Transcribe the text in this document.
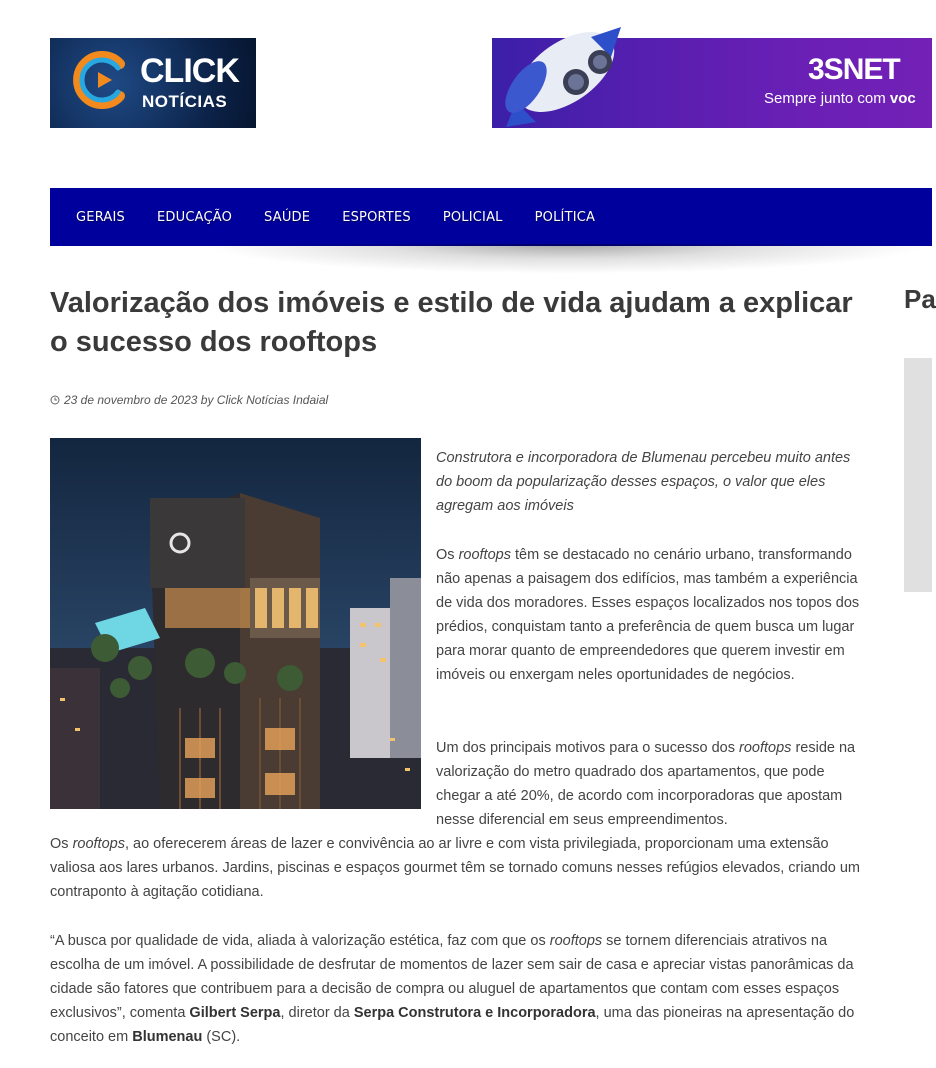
CLICK
NOTÍCIAS
3SNET
Sempre junto com voc
GERAIS	EDUCAÇÃO	SAÚDE	ESPORTES	POLICIAL	POLÍTICA
Valorização dos imóveis e estilo de vida ajudam a explicar o sucesso dos rooftops
23 de novembro de 2023 by Click Notícias Indaial

Construtora e incorporadora de Blumenau percebeu muito antes do boom da popularização desses espaços, o valor que eles agregam aos imóveis

Os rooftops têm se destacado no cenário urbano, transformando não apenas a paisagem dos edifícios, mas também a experiência de vida dos moradores. Esses espaços localizados nos topos dos prédios, conquistam tanto a preferência de quem busca um lugar para morar quanto de empreendedores que querem investir em imóveis ou enxergam neles oportunidades de negócios.

Um dos principais motivos para o sucesso dos rooftops reside na valorização do metro quadrado dos apartamentos, que pode chegar a até 20%, de acordo com incorporadoras que apostam nesse diferencial em seus empreendimentos.

Os rooftops, ao oferecerem áreas de lazer e convivência ao ar livre e com vista privilegiada, proporcionam uma extensão valiosa aos lares urbanos. Jardins, piscinas e espaços gourmet têm se tornado comuns nesses refúgios elevados, criando um contraponto à agitação cotidiana.

“A busca por qualidade de vida, aliada à valorização estética, faz com que os rooftops se tornem diferenciais atrativos na escolha de um imóvel. A possibilidade de desfrutar de momentos de lazer sem sair de casa e apreciar vistas panorâmicas da cidade são fatores que contribuem para a decisão de compra ou aluguel de apartamentos que contam com esses espaços exclusivos”, comenta Gilbert Serpa, diretor da Serpa Construtora e Incorporadora, uma das pioneiras na apresentação do conceito em Blumenau (SC).

Pa
